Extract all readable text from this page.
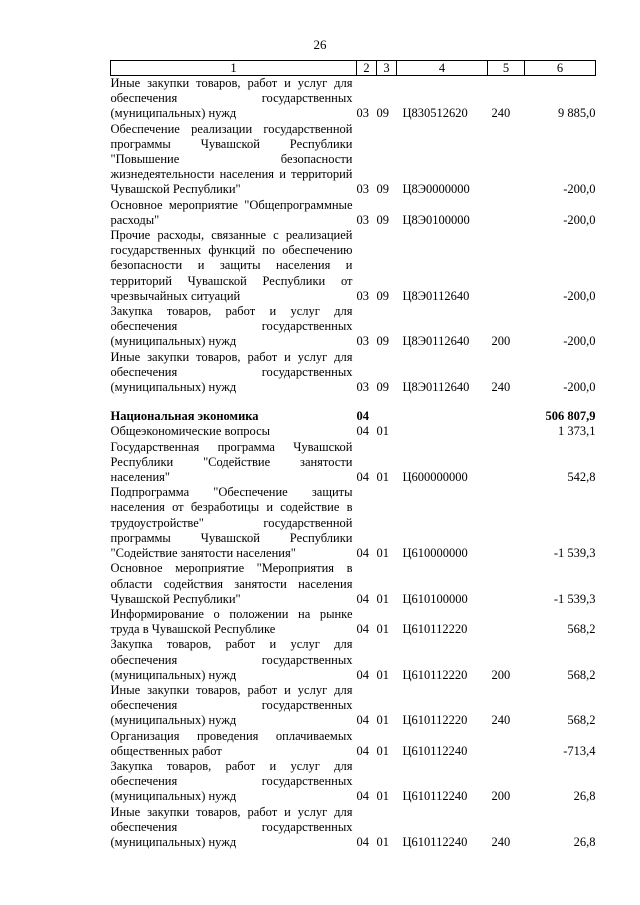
26
1	2	3	4	5	6
Иные закупки товаров, работ и услуг для обеспечения государственных (муниципальных) нужд	03	09	Ц830512620	240	9 885,0
Обеспечение реализации государственной программы Чувашской Республики "Повышение безопасности жизнедеятельности населения и территорий Чувашской Республики"	03	09	Ц8Э0000000		-200,0
Основное мероприятие "Общепрограммные расходы"	03	09	Ц8Э0100000		-200,0
Прочие расходы, связанные с реализацией государственных функций по обеспечению безопасности и защиты населения и территорий Чувашской Республики от чрезвычайных ситуаций	03	09	Ц8Э0112640		-200,0
Закупка товаров, работ и услуг для обеспечения государственных (муниципальных) нужд	03	09	Ц8Э0112640	200	-200,0
Иные закупки товаров, работ и услуг для обеспечения государственных (муниципальных) нужд	03	09	Ц8Э0112640	240	-200,0
Национальная экономика	04				506 807,9
Общеэкономические вопросы	04	01			1 373,1
Государственная программа Чувашской Республики "Содействие занятости населения"	04	01	Ц600000000		542,8
Подпрограмма "Обеспечение защиты населения от безработицы и содействие в трудоустройстве" государственной программы Чувашской Республики "Содействие занятости населения"	04	01	Ц610000000		-1 539,3
Основное мероприятие "Мероприятия в области содействия занятости населения Чувашской Республики"	04	01	Ц610100000		-1 539,3
Информирование о положении на рынке труда в Чувашской Республике	04	01	Ц610112220		568,2
Закупка товаров, работ и услуг для обеспечения государственных (муниципальных) нужд	04	01	Ц610112220	200	568,2
Иные закупки товаров, работ и услуг для обеспечения государственных (муниципальных) нужд	04	01	Ц610112220	240	568,2
Организация проведения оплачиваемых общественных работ	04	01	Ц610112240		-713,4
Закупка товаров, работ и услуг для обеспечения государственных (муниципальных) нужд	04	01	Ц610112240	200	26,8
Иные закупки товаров, работ и услуг для обеспечения государственных (муниципальных) нужд	04	01	Ц610112240	240	26,8
